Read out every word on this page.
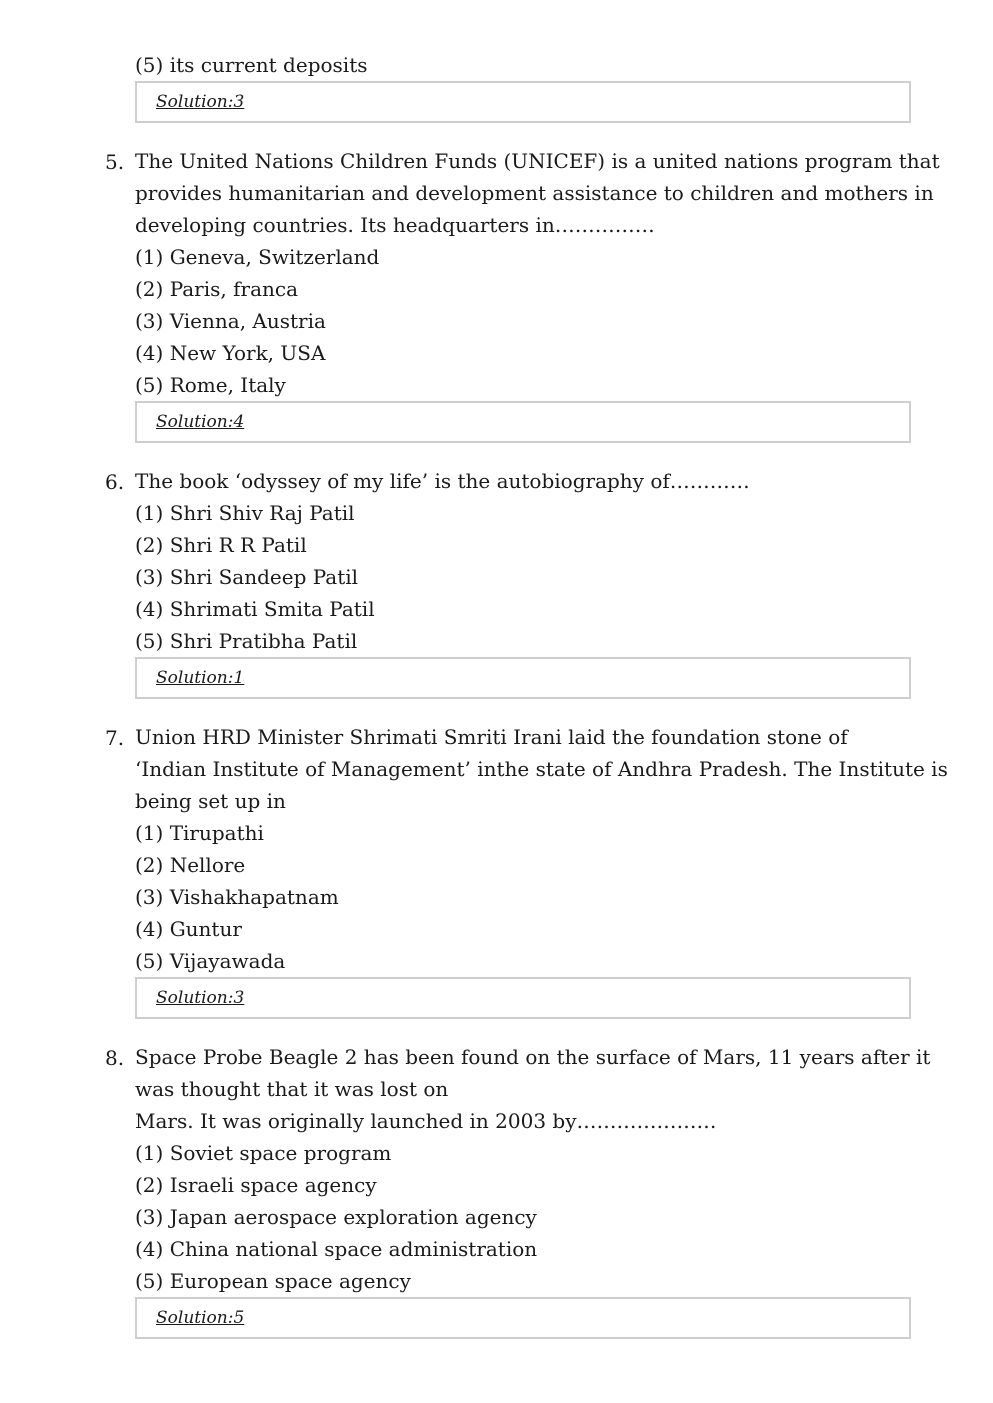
(5) its current deposits
Solution:3
5. The United Nations Children Funds (UNICEF) is a united nations program that
provides humanitarian and development assistance to children and mothers in
developing countries. Its headquarters in……………
(1) Geneva, Switzerland
(2) Paris, franca
(3) Vienna, Austria
(4) New York, USA
(5) Rome, Italy
Solution:4
6. The book ‘odyssey of my life’ is the autobiography of…………
(1) Shri Shiv Raj Patil
(2) Shri R R Patil
(3) Shri Sandeep Patil
(4) Shrimati Smita Patil
(5) Shri Pratibha Patil
Solution:1
7. Union HRD Minister Shrimati Smriti Irani laid the foundation stone of
‘Indian Institute of Management’ inthe state of Andhra Pradesh. The Institute is
being set up in
(1) Tirupathi
(2) Nellore
(3) Vishakhapatnam
(4) Guntur
(5) Vijayawada
Solution:3
8. Space Probe Beagle 2 has been found on the surface of Mars, 11 years after it
was thought that it was lost on
Mars. It was originally launched in 2003 by…………………
(1) Soviet space program
(2) Israeli space agency
(3) Japan aerospace exploration agency
(4) China national space administration
(5) European space agency
Solution:5
